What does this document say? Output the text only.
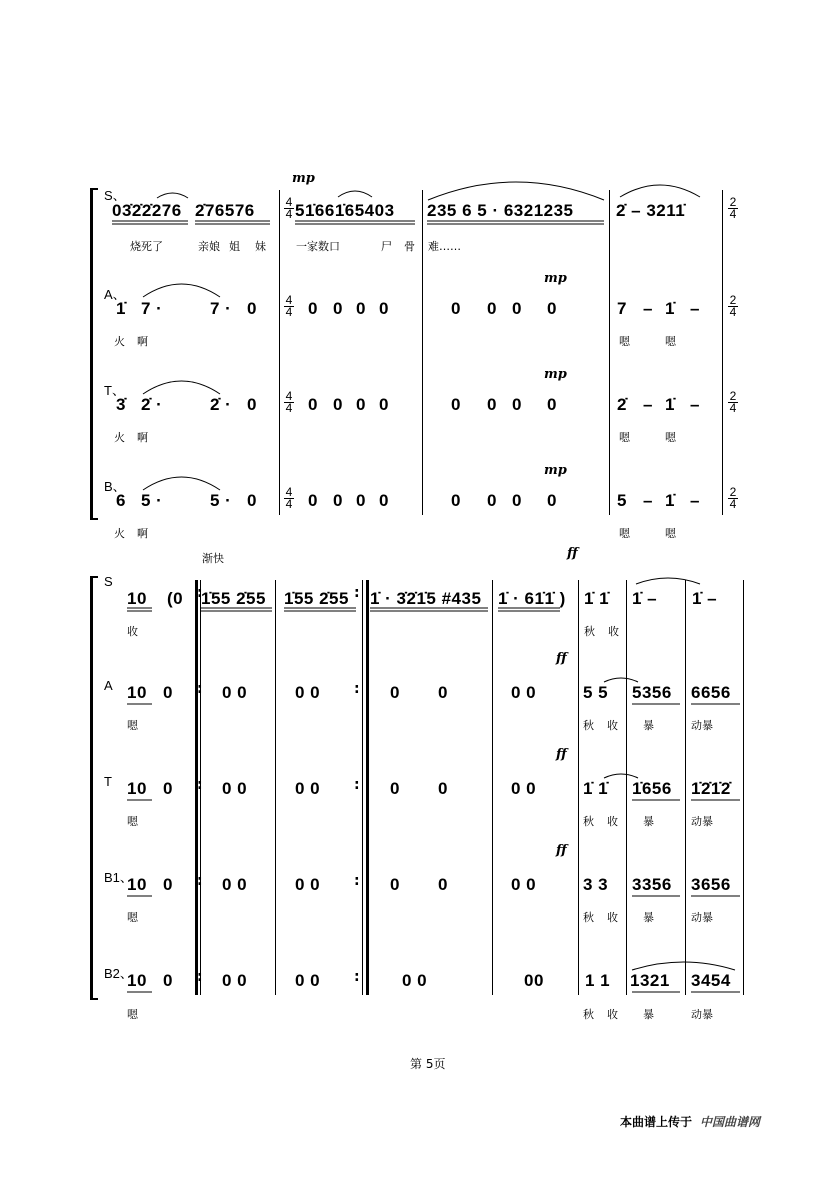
S、
03̇2̇2̇276 2̇76576	4
4 51̇661̇65403 235 6 5 · 6321235 2̇ – 3211̇	2
4
mp
烧死了	亲娘 姐 妹	一家数口	尸 骨 难……
A、
1̇ 7 ·	7 · 0	0 0 0 0	0 0 0 0	7 – 1̇ –
4
4
2
4
mp
火 啊	嗯	嗯
T、
3̇ 2̇ ·	2̇ · 0	0 0 0 0	0 0 0 0	2̇ – 1̇ –
4
4
2
4
mp
火 啊	嗯	嗯
B、
6 5 ·	5 · 0	0 0 0 0	0 0 0 0	5 – 1̇ –
4
4
2
4
mp
火 啊	嗯	嗯
渐快	ff
S
10 (0 1̇55 2̇55 1̇55 2̇55 1̇ · 3̇2̇1̇5 #435 1̇ · 61̇1̇ ) 1̇ 1̇ 1̇ – 1̇ –
收	秋 收
A 10 0	0 0	0 0	0 0	0 0	5 5 5356 6656
:	:
ff
嗯	秋 收 暴	动暴
T 10 0	0 0	0 0	0 0	0 0	1̇ 1̇ 1̇656 1̇2̇1̇2̇
:	:
ff
嗯	秋 收 暴	动暴
B1、
10 0	0 0	0 0	0 0	0 0	3 3 3356 3656
:	:
ff
嗯	秋 收 暴	动暴
B2、
10 0	0 0	0 0	0 0	00 1 1 1321 3454
:	:
嗯	秋 收 暴	动暴
:	:
第 5页
本曲谱上传于 中国曲谱网
